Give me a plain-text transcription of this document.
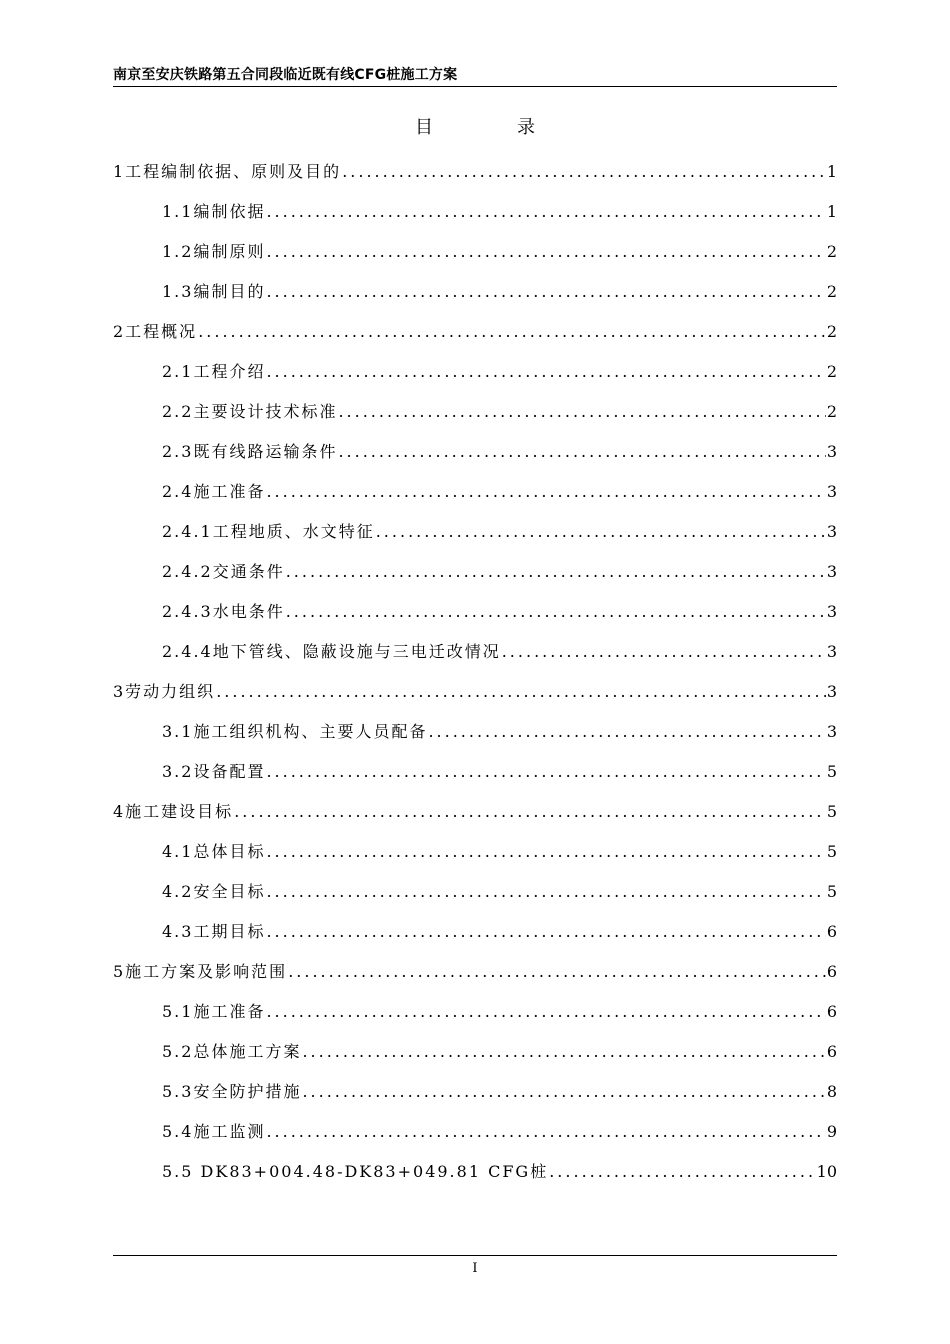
南京至安庆铁路第五合同段临近既有线CFG桩施工方案
目	录
1工程编制依据、原则及目的 .....	1
1.1编制依据 .....	1
1.2编制原则 .....	2
1.3编制目的 .....	2
2工程概况 .....	2
2.1工程介绍 .....	2
2.2主要设计技术标准 .....	2
2.3既有线路运输条件 .....	3
2.4施工准备 .....	3
2.4.1工程地质、水文特征 .....	3
2.4.2交通条件 .....	3
2.4.3水电条件 .....	3
2.4.4地下管线、隐蔽设施与三电迁改情况 .....	3
3劳动力组织 .....	3
3.1施工组织机构、主要人员配备 .....	3
3.2设备配置 .....	5
4施工建设目标 .....	5
4.1总体目标 .....	5
4.2安全目标 .....	5
4.3工期目标 .....	6
5施工方案及影响范围 .....	6
5.1施工准备 .....	6
5.2总体施工方案 .....	6
5.3安全防护措施 .....	8
5.4施工监测 .....	9
5.5 DK83+004.48-DK83+049.81 CFG桩 .....	10
I
